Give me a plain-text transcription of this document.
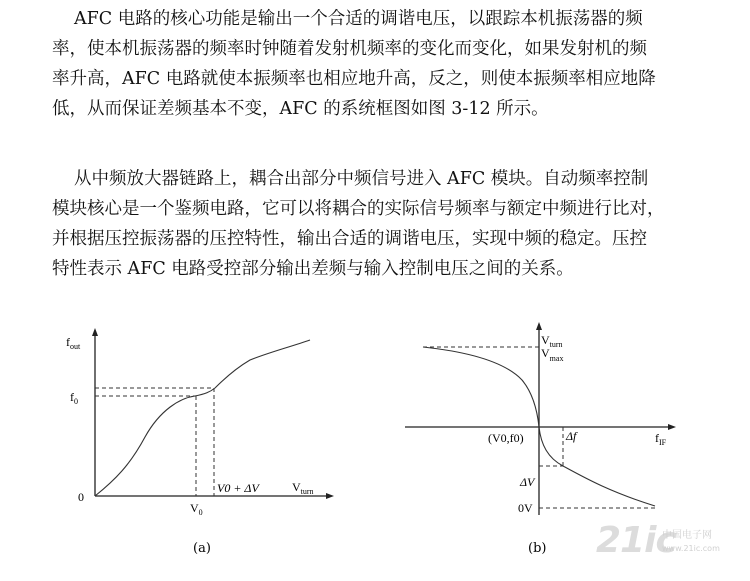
AFC 电路的核心功能是输出一个合适的调谐电压，以跟踪本机振荡器的频
率，使本机振荡器的频率时钟随着发射机频率的变化而变化，如果发射机的频
率升高，AFC 电路就使本振频率也相应地升高，反之，则使本振频率相应地降
低，从而保证差频基本不变，AFC 的系统框图如图 3-12 所示。
从中频放大器链路上，耦合出部分中频信号进入 AFC 模块。自动频率控制
模块核心是一个鉴频电路，它可以将耦合的实际信号频率与额定中频进行比对，
并根据压控振荡器的压控特性，输出合适的调谐电压，实现中频的稳定。压控
特性表示 AFC 电路受控部分输出差频与输入控制电压之间的关系。
$f_{out}$
$f_0$
0
$V_{turn}$
$V_0$
V0 + ΔV
(a)
$V_{turn}$
$V_{max}$
$f_{IF}$
(V0,f0)	Δf
ΔV
0V
(b) 21ic
中国电子网
www.21ic.com
